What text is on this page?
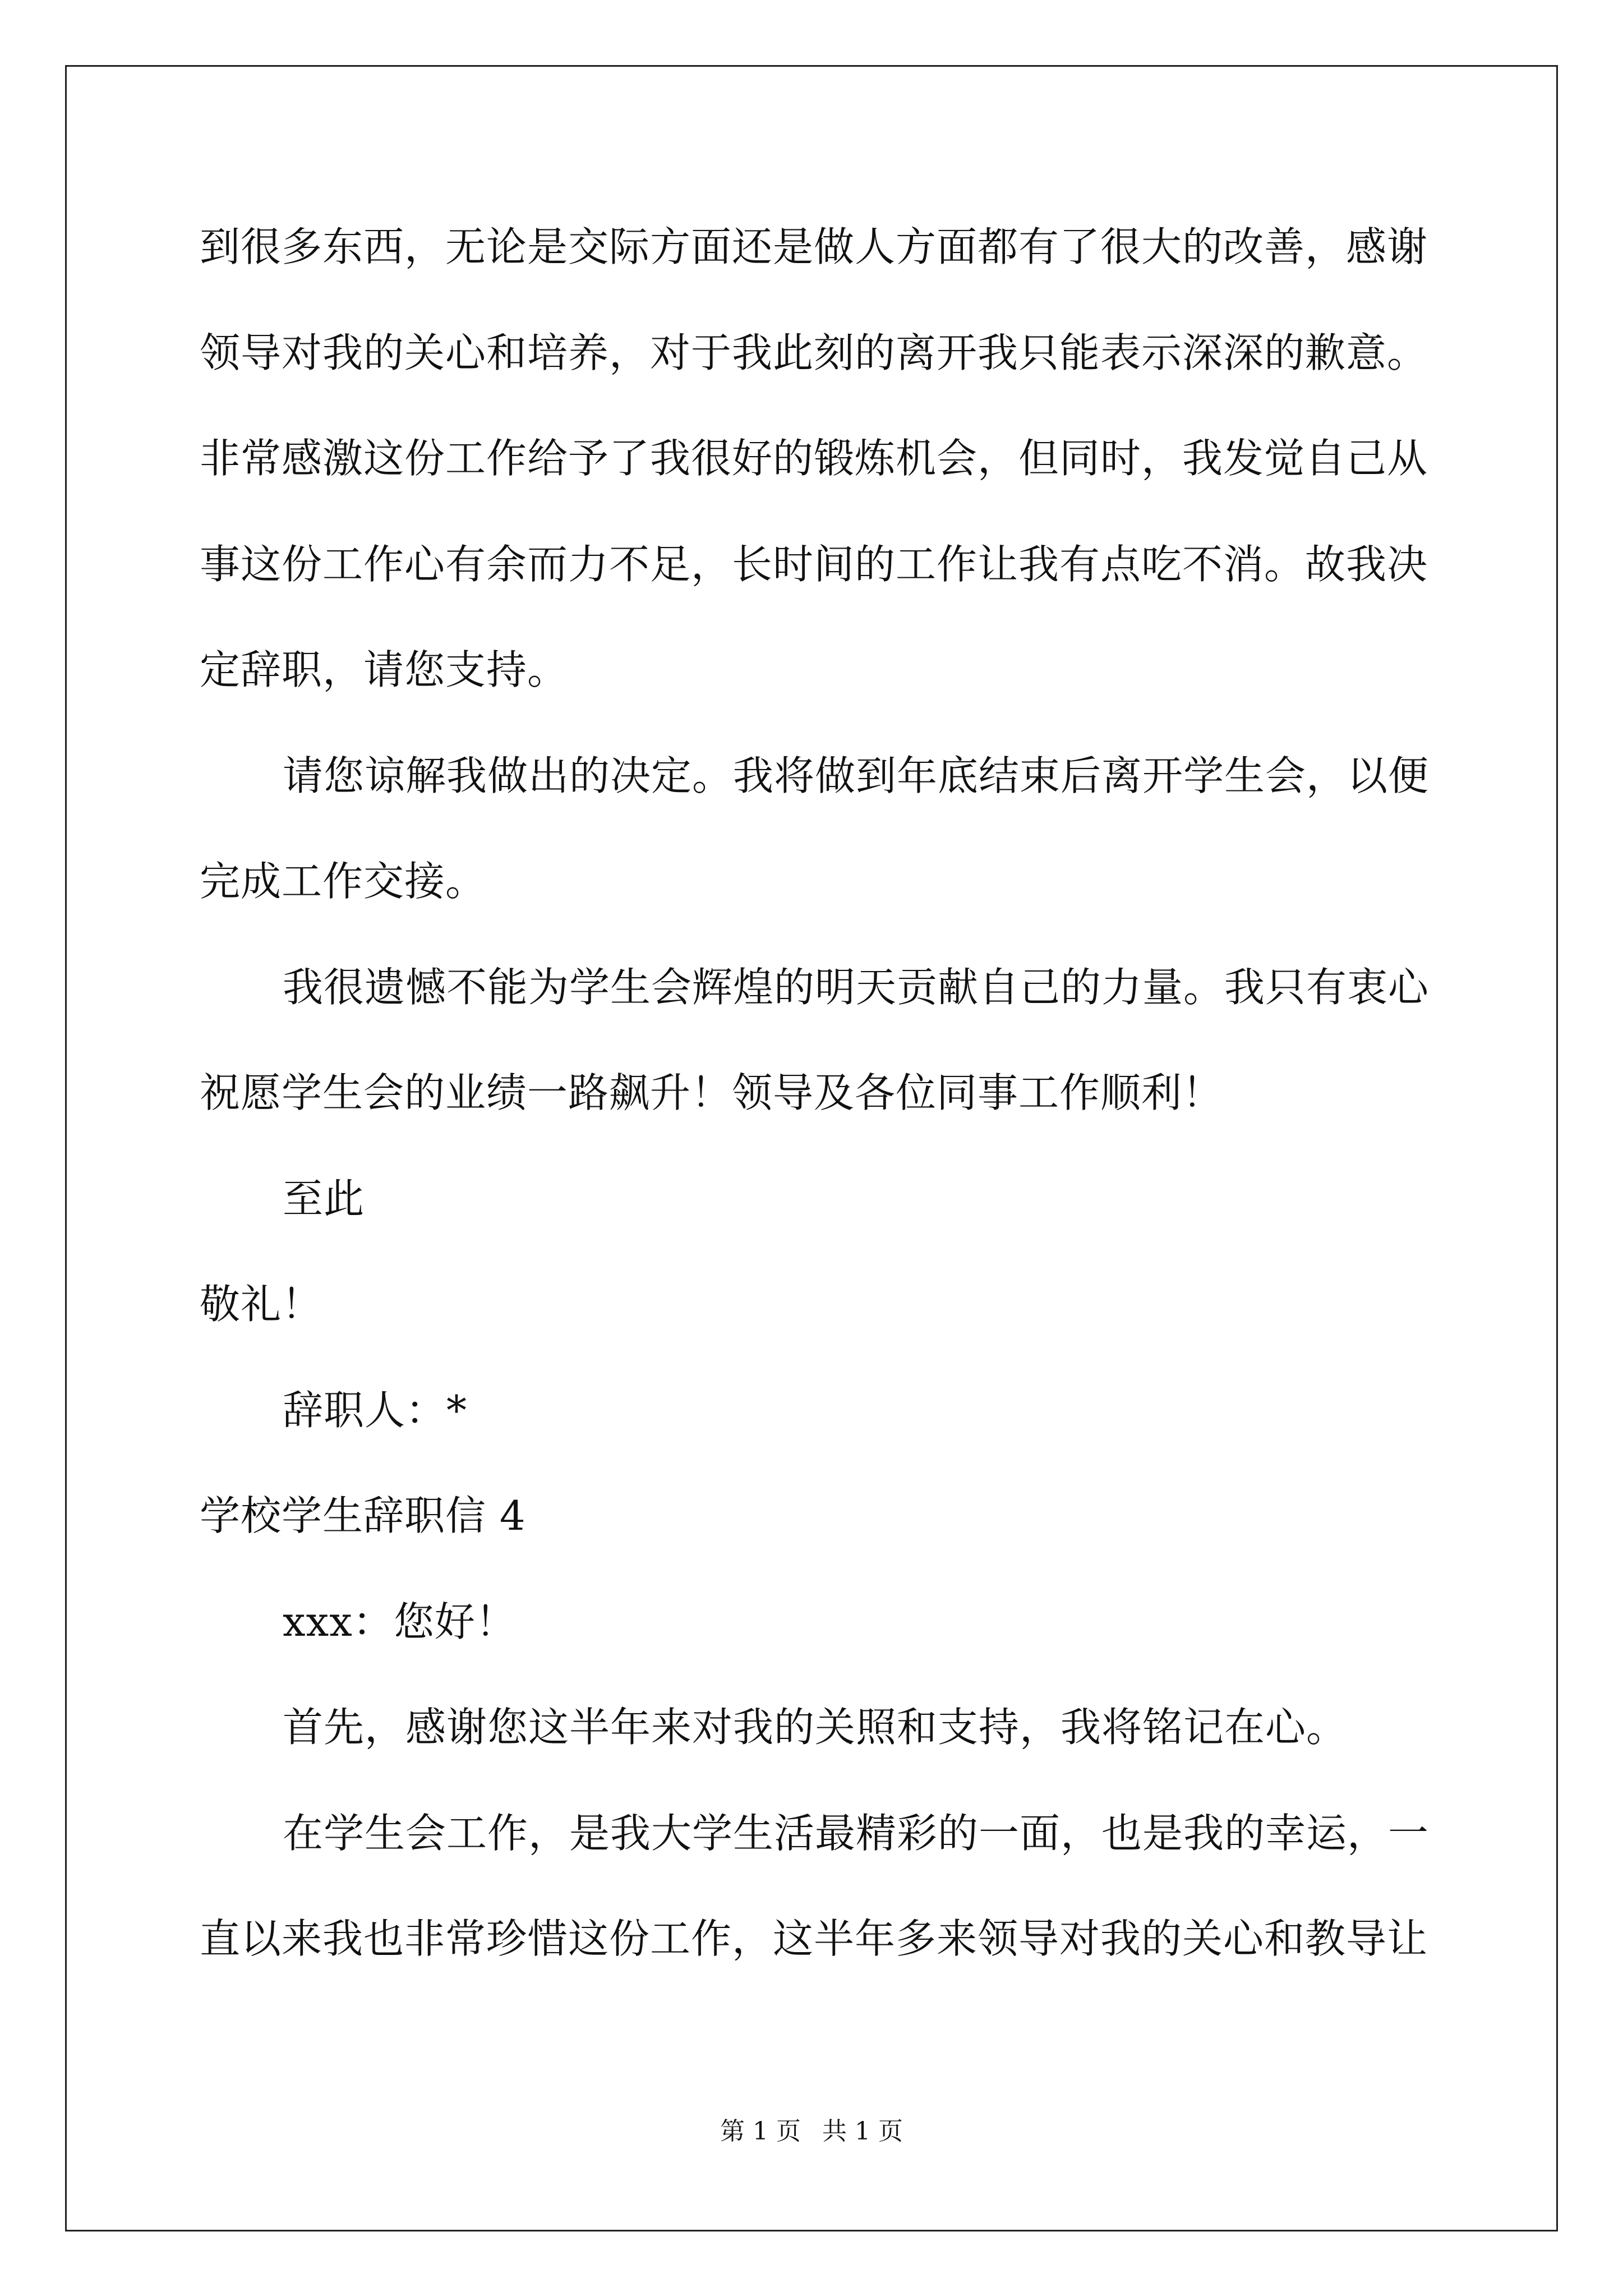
到很多东西，无论是交际方面还是做人方面都有了很大的改善，感谢
领导对我的关心和培养，对于我此刻的离开我只能表示深深的歉意。
非常感激这份工作给予了我很好的锻炼机会，但同时，我发觉自己从
事这份工作心有余而力不足，长时间的工作让我有点吃不消。故我决
定辞职，请您支持。
请您谅解我做出的决定。我将做到年底结束后离开学生会，以便
完成工作交接。
我很遗憾不能为学生会辉煌的明天贡献自己的力量。我只有衷心
祝愿学生会的业绩一路飙升！领导及各位同事工作顺利！
至此
敬礼！
辞职人：*
学校学生辞职信 4
xxx：您好！
首先，感谢您这半年来对我的关照和支持，我将铭记在心。
在学生会工作，是我大学生活最精彩的一面，也是我的幸运，一
直以来我也非常珍惜这份工作，这半年多来领导对我的关心和教导让
第 1 页 共 1 页
